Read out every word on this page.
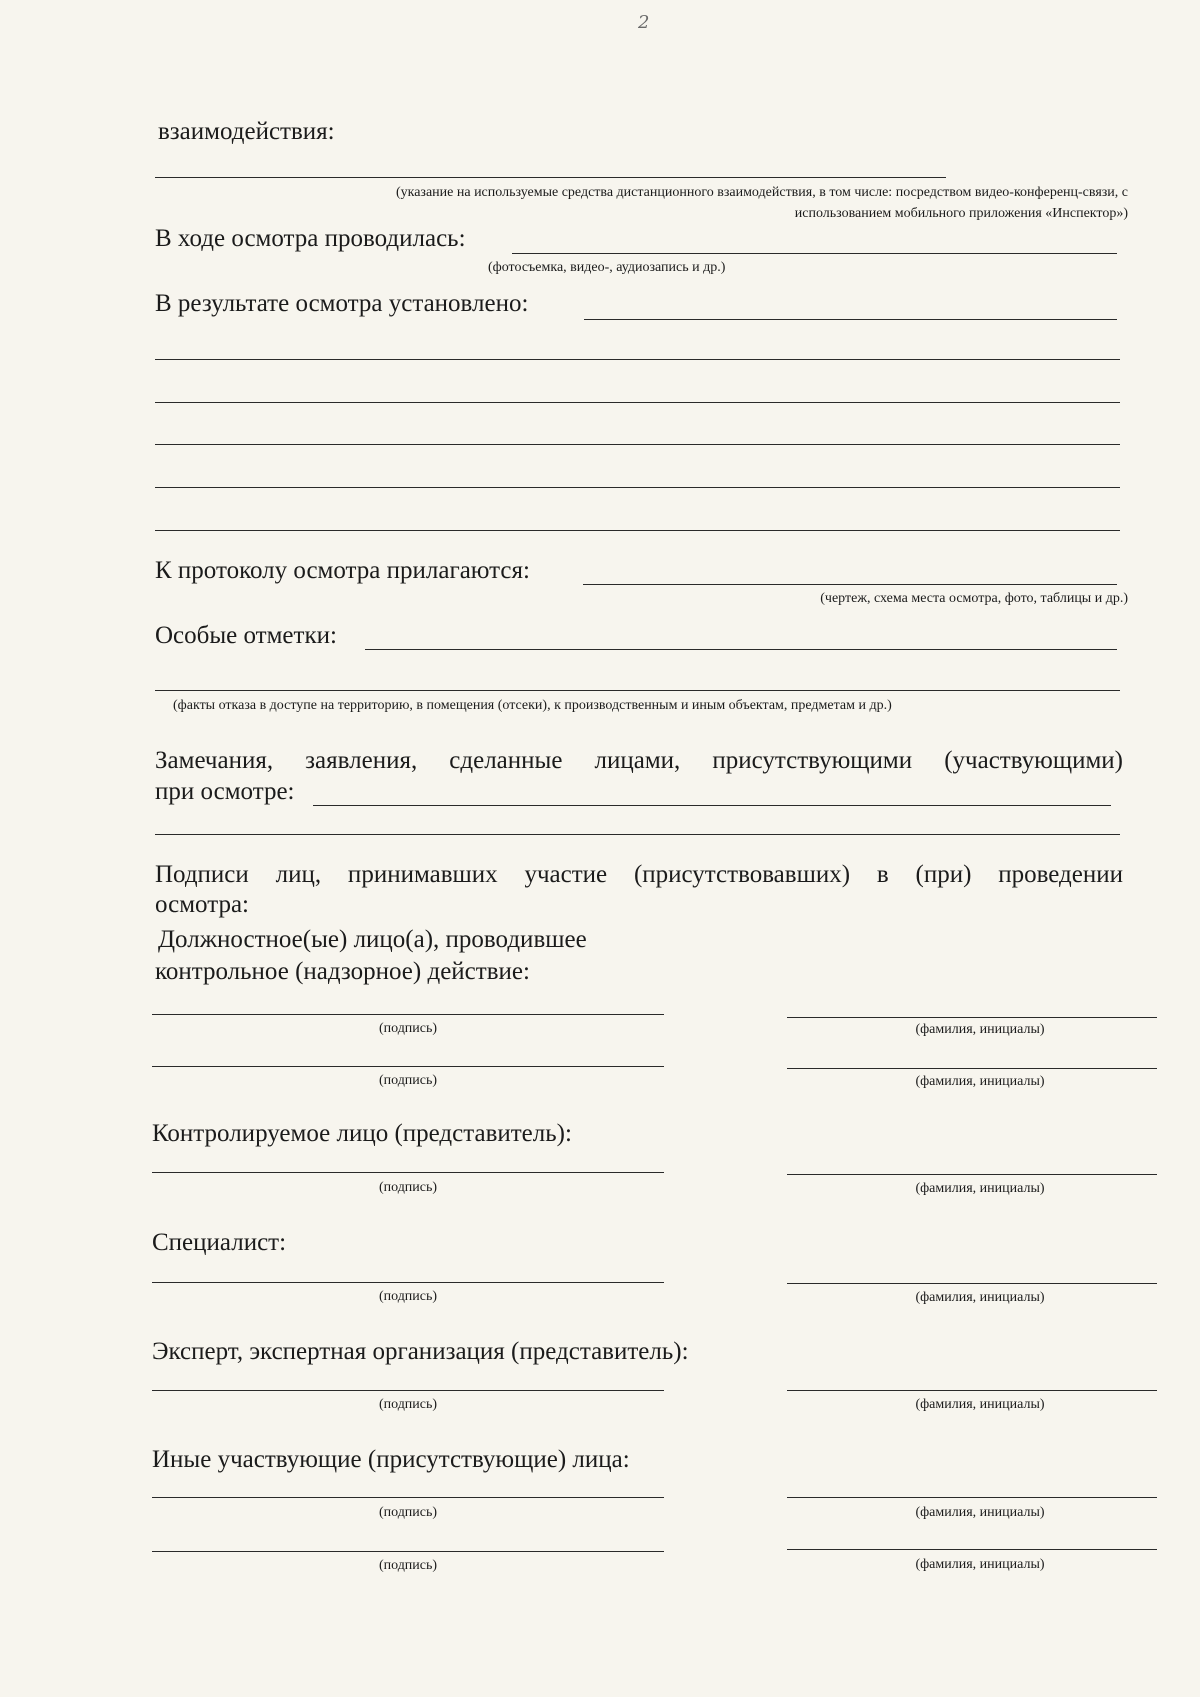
2
взаимодействия:
(указание на используемые средства дистанционного взаимодействия, в том числе: посредством видео-конференц-связи, с
использованием мобильного приложения «Инспектор»)
В ходе осмотра проводилась:
(фотосъемка, видео-, аудиозапись и др.)
В результате осмотра установлено:
К протоколу осмотра прилагаются:
(чертеж, схема места осмотра, фото, таблицы и др.)
Особые отметки:
(факты отказа в доступе на территорию, в помещения (отсеки), к производственным и иным объектам, предметам и др.)
Замечания, заявления, сделанные лицами, присутствующими (участвующими)
при осмотре:
Подписи лиц, принимавших участие (присутствовавших) в (при) проведении
осмотра:
Должностное(ые) лицо(а), проводившее
контрольное (надзорное) действие:
(подпись)	(фамилия, инициалы)
(подпись)	(фамилия, инициалы)
Контролируемое лицо (представитель):
(подпись)	(фамилия, инициалы)
Специалист:
(подпись)	(фамилия, инициалы)
Эксперт, экспертная организация (представитель):
(подпись)	(фамилия, инициалы)
Иные участвующие (присутствующие) лица:
(подпись)	(фамилия, инициалы)
(подпись)	(фамилия, инициалы)
